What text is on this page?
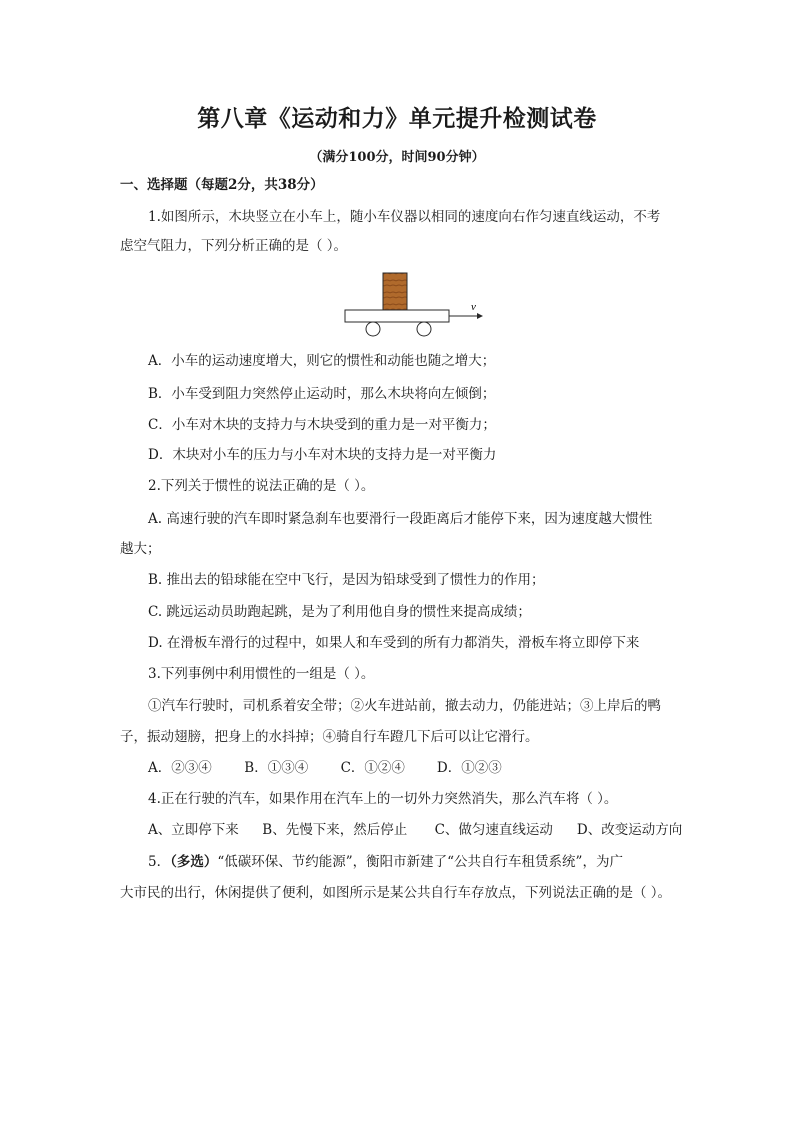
第八章《运动和力》单元提升检测试卷
（满分100分，时间90分钟）
一、选择题（每题2分，共38分）
1.如图所示，木块竖立在小车上，随小车仪器以相同的速度向右作匀速直线运动，不考
虑空气阻力，下列分析正确的是（ ）。
v
A．小车的运动速度增大，则它的惯性和动能也随之增大；
B．小车受到阻力突然停止运动时，那么木块将向左倾倒；
C．小车对木块的支持力与木块受到的重力是一对平衡力；
D．木块对小车的压力与小车对木块的支持力是一对平衡力
2.下列关于惯性的说法正确的是（ ）。
A. 高速行驶的汽车即时紧急刹车也要滑行一段距离后才能停下来，因为速度越大惯性
越大；
B. 推出去的铅球能在空中飞行，是因为铅球受到了惯性力的作用；
C. 跳远运动员助跑起跳，是为了利用他自身的惯性来提高成绩；
D. 在滑板车滑行的过程中，如果人和车受到的所有力都消失，滑板车将立即停下来
3.下列事例中利用惯性的一组是（ ）。
①汽车行驶时，司机系着安全带；②火车进站前，撤去动力，仍能进站；③上岸后的鸭
子，振动翅膀，把身上的水抖掉；④骑自行车蹬几下后可以让它滑行。
A．②③④ B．①③④ C．①②④ D．①②③
4.正在行驶的汽车，如果作用在汽车上的一切外力突然消失，那么汽车将（ ）。
A、立即停下来 B、先慢下来，然后停止 C、做匀速直线运动 D、改变运动方向
5．（多选）“低碳环保、节约能源”，衡阳市新建了“公共自行车租赁系统”，为广
大市民的出行，休闲提供了便利，如图所示是某公共自行车存放点，下列说法正确的是（ ）。
